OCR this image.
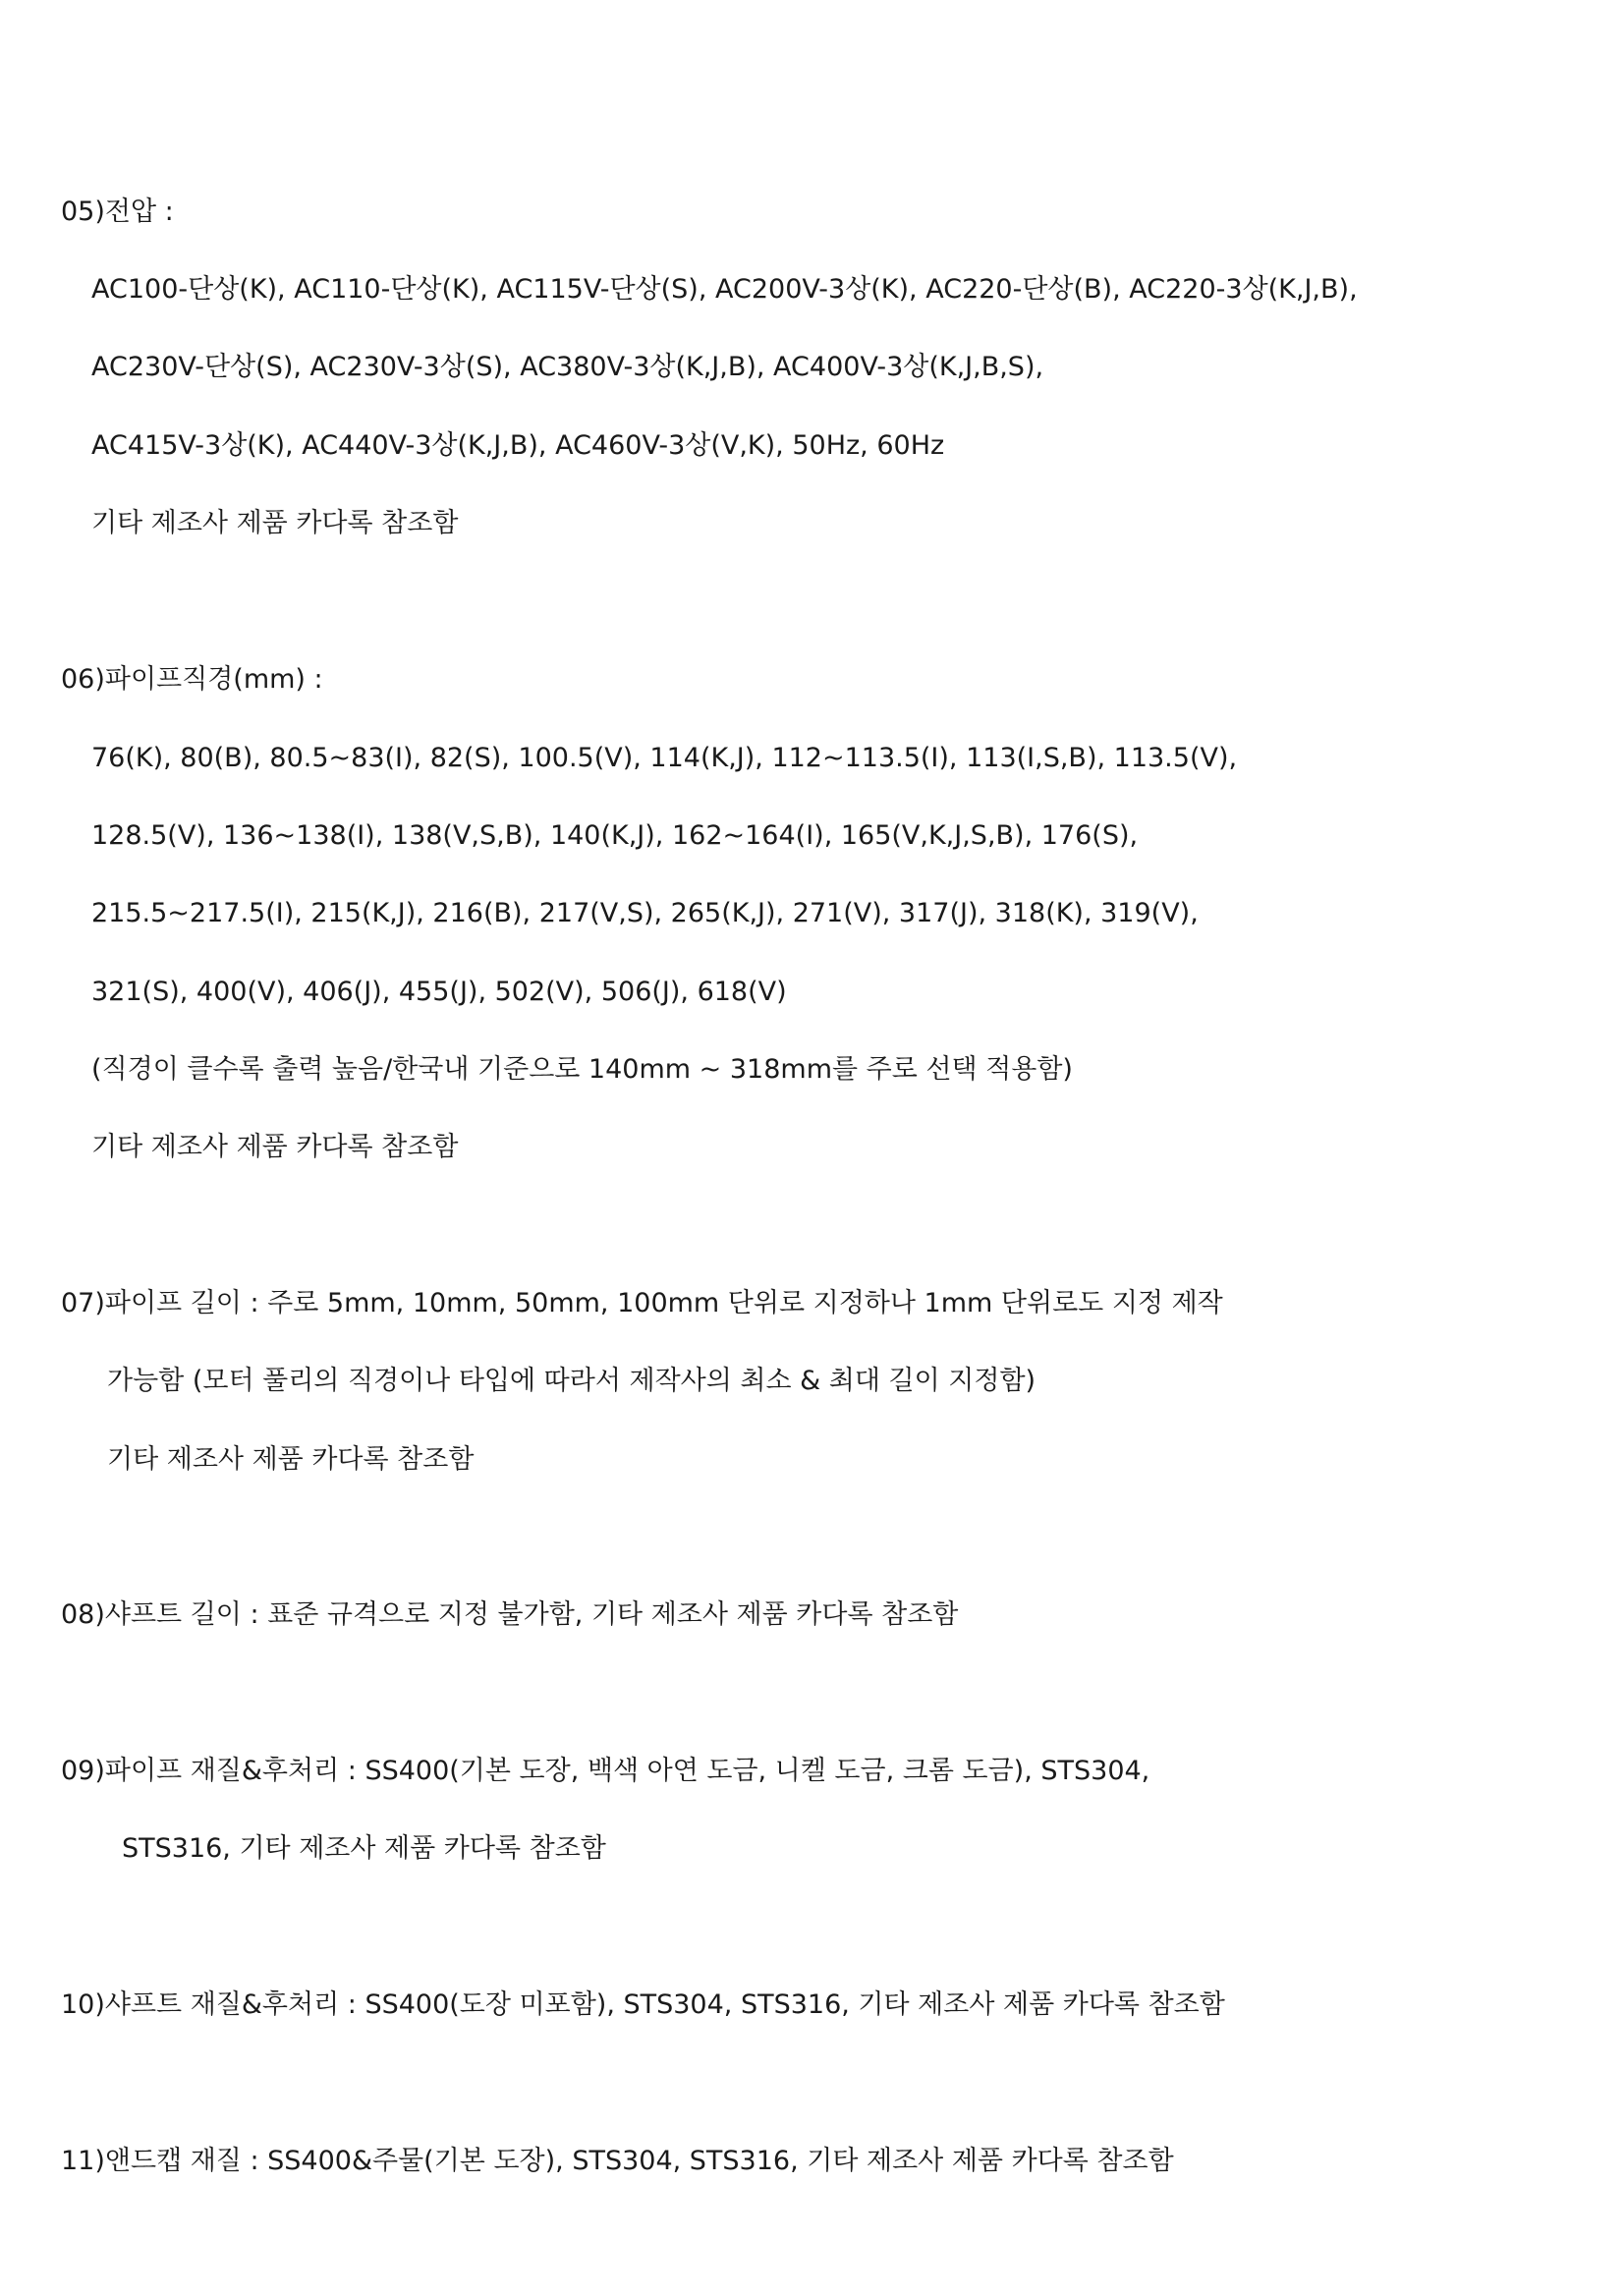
05)전압 :
AC100-단상(K), AC110-단상(K), AC115V-단상(S), AC200V-3상(K), AC220-단상(B), AC220-3상(K,J,B),
AC230V-단상(S), AC230V-3상(S), AC380V-3상(K,J,B), AC400V-3상(K,J,B,S),
AC415V-3상(K), AC440V-3상(K,J,B), AC460V-3상(V,K), 50Hz, 60Hz
기타 제조사 제품 카다록 참조함
06)파이프직경(mm) :
76(K), 80(B), 80.5~83(I), 82(S), 100.5(V), 114(K,J), 112~113.5(I), 113(I,S,B), 113.5(V),
128.5(V), 136~138(I), 138(V,S,B), 140(K,J), 162~164(I), 165(V,K,J,S,B), 176(S),
215.5~217.5(I), 215(K,J), 216(B), 217(V,S), 265(K,J), 271(V), 317(J), 318(K), 319(V),
321(S), 400(V), 406(J), 455(J), 502(V), 506(J), 618(V)
(직경이 클수록 출력 높음/한국내 기준으로 140mm ~ 318mm를 주로 선택 적용함)
기타 제조사 제품 카다록 참조함
07)파이프 길이 : 주로 5mm, 10mm, 50mm, 100mm 단위로 지정하나 1mm 단위로도 지정 제작
가능함 (모터 풀리의 직경이나 타입에 따라서 제작사의 최소 & 최대 길이 지정함)
기타 제조사 제품 카다록 참조함
08)샤프트 길이 : 표준 규격으로 지정 불가함, 기타 제조사 제품 카다록 참조함
09)파이프 재질&후처리 : SS400(기본 도장, 백색 아연 도금, 니켈 도금, 크롬 도금), STS304,
STS316, 기타 제조사 제품 카다록 참조함
10)샤프트 재질&후처리 : SS400(도장 미포함), STS304, STS316, 기타 제조사 제품 카다록 참조함
11)앤드캡 재질 : SS400&주물(기본 도장), STS304, STS316, 기타 제조사 제품 카다록 참조함
